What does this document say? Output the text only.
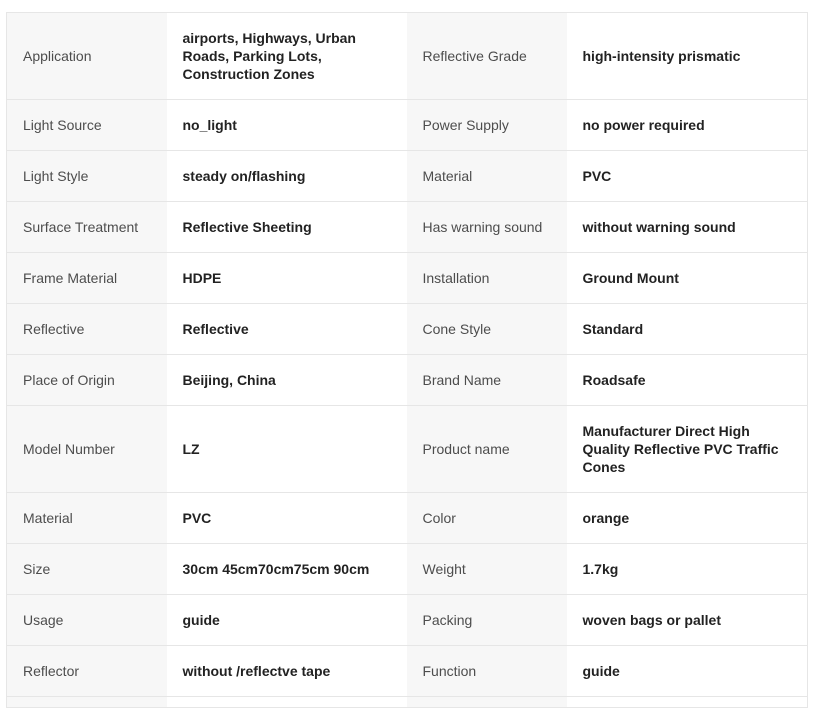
Application	airports, Highways, Urban Roads, Parking Lots, Construction Zones	Reflective Grade	high-intensity prismatic
Light Source	no_light	Power Supply	no power required
Light Style	steady on/flashing	Material	PVC
Surface Treatment	Reflective Sheeting	Has warning sound	without warning sound
Frame Material	HDPE	Installation	Ground Mount
Reflective	Reflective	Cone Style	Standard
Place of Origin	Beijing, China	Brand Name	Roadsafe
Model Number	LZ	Product name	Manufacturer Direct High Quality Reflective PVC Traffic Cones
Material	PVC	Color	orange
Size	30cm 45cm70cm75cm 90cm	Weight	1.7kg
Usage	guide	Packing	woven bags or pallet
Reflector	without /reflectve tape	Function	guide
